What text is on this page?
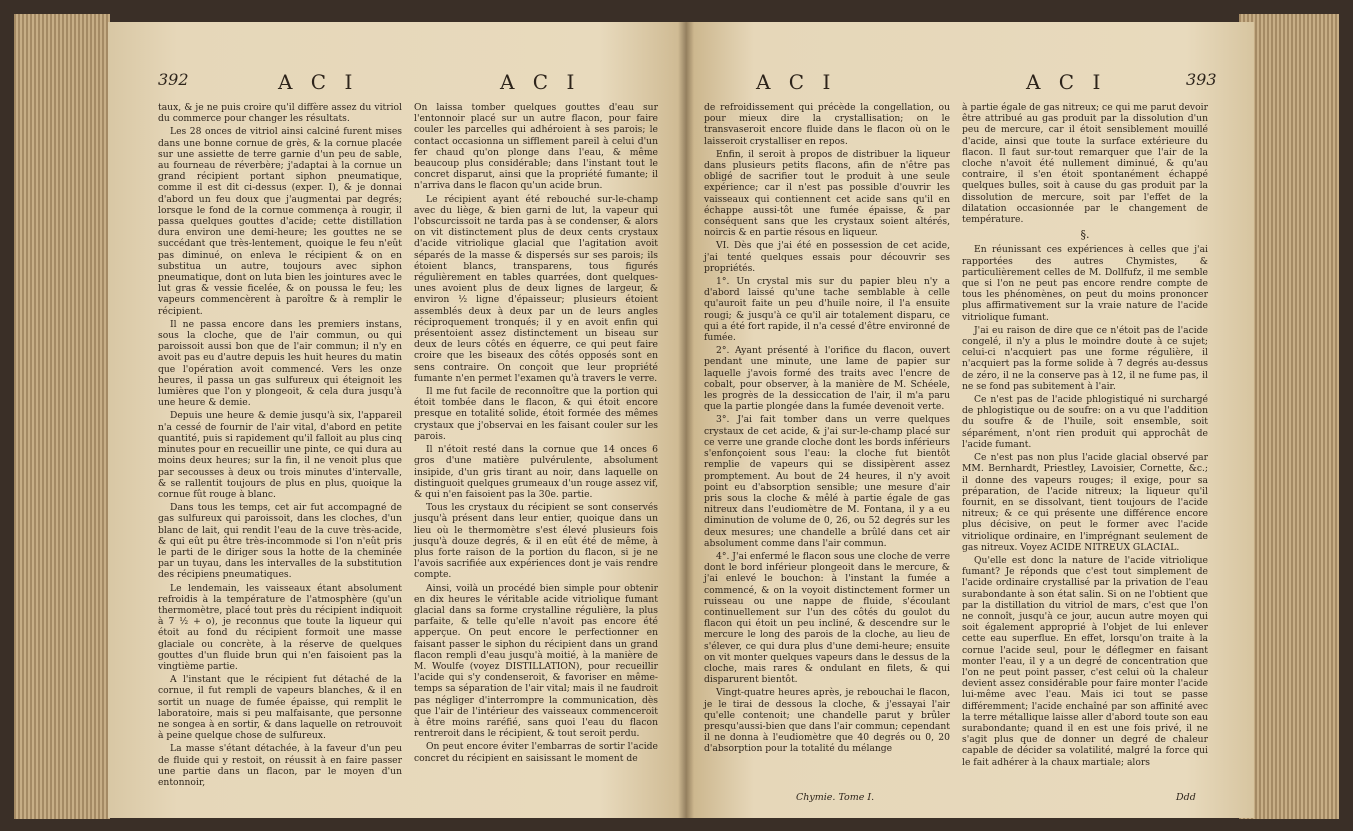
392	A C I	A C I

taux, & je ne puis croire qu'il diffère assez du vitriol du commerce pour changer les résultats.

Les 28 onces de vitriol ainsi calciné furent mises dans une bonne cornue de grès, & la cornue placée sur une assiette de terre garnie d'un peu de sable, au fourneau de réverbère; j'adaptai à la cornue un grand récipient portant siphon pneumatique, comme il est dit ci-dessus (exper. I), & je donnai d'abord un feu doux que j'augmentai par degrés; lorsque le fond de la cornue commença à rougir, il passa quelques gouttes d'acide; cette distillation dura environ une demi-heure; les gouttes ne se succédant que très-lentement, quoique le feu n'eût pas diminué, on enleva le récipient & on en substitua un autre, toujours avec siphon pneumatique, dont on luta bien les jointures avec le lut gras & vessie ficelée, & on poussa le feu; les vapeurs commencèrent à paroître & à remplir le récipient.

Il ne passa encore dans les premiers instans, sous la cloche, que de l'air commun, ou qui paroissoit aussi bon que de l'air commun; il n'y en avoit pas eu d'autre depuis les huit heures du matin que l'opération avoit commencé. Vers les onze heures, il passa un gas sulfureux qui éteignoit les lumières que l'on y plongeoit, & cela dura jusqu'à une heure & demie.

Depuis une heure & demie jusqu'à six, l'appareil n'a cessé de fournir de l'air vital, d'abord en petite quantité, puis si rapidement qu'il falloit au plus cinq minutes pour en recueillir une pinte, ce qui dura au moins deux heures; sur la fin, il ne venoit plus que par secousses à deux ou trois minutes d'intervalle, & se rallentit toujours de plus en plus, quoique la cornue fût rouge à blanc.

Dans tous les temps, cet air fut accompagné de gas sulfureux qui paroissoit, dans les cloches, d'un blanc de lait, qui rendit l'eau de la cuve très-acide, & qui eût pu être très-incommode si l'on n'eût pris le parti de le diriger sous la hotte de la cheminée par un tuyau, dans les intervalles de la substitution des récipiens pneumatiques.

Le lendemain, les vaisseaux étant absolument refroidis à la température de l'atmosphère (qu'un thermomètre, placé tout près du récipient indiquoit à 7 ½ + o), je reconnus que toute la liqueur qui étoit au fond du récipient formoit une masse glaciale ou concrète, à la réserve de quelques gouttes d'un fluide brun qui n'en faisoient pas la vingtième partie.

A l'instant que le récipient fut détaché de la cornue, il fut rempli de vapeurs blanches, & il en sortit un nuage de fumée épaisse, qui remplit le laboratoire, mais si peu malfaisante, que personne ne songea à en sortir, & dans laquelle on retrouvoit à peine quelque chose de sulfureux.

La masse s'étant détachée, à la faveur d'un peu de fluide qui y restoit, on réussit à en faire passer une partie dans un flacon, par le moyen d'un entonnoir,

On laissa tomber quelques gouttes d'eau sur l'entonnoir placé sur un autre flacon, pour faire couler les parcelles qui adhéroient à ses parois; le contact occasionna un sifflement pareil à celui d'un fer chaud qu'on plonge dans l'eau, & même beaucoup plus considérable; dans l'instant tout le concret disparut, ainsi que la propriété fumante; il n'arriva dans le flacon qu'un acide brun.

Le récipient ayant été rebouché sur-le-champ avec du liège, & bien garni de lut, la vapeur qui l'obscurcissoit ne tarda pas à se condenser, & alors on vit distinctement plus de deux cents crystaux d'acide vitriolique glacial que l'agitation avoit séparés de la masse & dispersés sur ses parois; ils étoient blancs, transparens, tous figurés régulièrement en tables quarrées, dont quelques-unes avoient plus de deux lignes de largeur, & environ ½ ligne d'épaisseur; plusieurs étoient assemblés deux à deux par un de leurs angles réciproquement tronqués; il y en avoit enfin qui présentoient assez distinctement un biseau sur deux de leurs côtés en équerre, ce qui peut faire croire que les biseaux des côtés opposés sont en sens contraire. On conçoit que leur propriété fumante n'en permet l'examen qu'à travers le verre.

Il me fut facile de reconnoître que la portion qui étoit tombée dans le flacon, & qui étoit encore presque en totalité solide, étoit formée des mêmes crystaux que j'observai en les faisant couler sur les parois.

Il n'étoit resté dans la cornue que 14 onces 6 gros d'une matière pulvérulente, absolument insipide, d'un gris tirant au noir, dans laquelle on distinguoit quelques grumeaux d'un rouge assez vif, & qui n'en faisoient pas la 30e. partie.

Tous les crystaux du récipient se sont conservés jusqu'à présent dans leur entier, quoique dans un lieu où le thermomètre s'est élevé plusieurs fois jusqu'à douze degrés, & il en eût été de même, à plus forte raison de la portion du flacon, si je ne l'avois sacrifiée aux expériences dont je vais rendre compte.

Ainsi, voilà un procédé bien simple pour obtenir en dix heures le véritable acide vitriolique fumant glacial dans sa forme crystalline régulière, la plus parfaite, & telle qu'elle n'avoit pas encore été apperçue. On peut encore le perfectionner en faisant passer le siphon du récipient dans un grand flacon rempli d'eau jusqu'à moitié, à la manière de M. Woulfe (voyez DISTILLATION), pour recueillir l'acide qui s'y condenseroit, & favoriser en même-temps sa séparation de l'air vital; mais il ne faudroit pas négliger d'interrompre la communication, dès que l'air de l'intérieur des vaisseaux commenceroit à être moins raréfié, sans quoi l'eau du flacon rentreroit dans le récipient, & tout seroit perdu.

On peut encore éviter l'embarras de sortir l'acide concret du récipient en saisissant le moment de

A C I	A C I	393

de refroidissement qui précède la congellation, ou pour mieux dire la crystallisation; on le transvaseroit encore fluide dans le flacon où on le laisseroit crystalliser en repos.

Enfin, il seroit à propos de distribuer la liqueur dans plusieurs petits flacons, afin de n'être pas obligé de sacrifier tout le produit à une seule expérience; car il n'est pas possible d'ouvrir les vaisseaux qui contiennent cet acide sans qu'il en échappe aussi-tôt une fumée épaisse, & par conséquent sans que les crystaux soient altérés, noircis & en partie résous en liqueur.

VI. Dès que j'ai été en possession de cet acide, j'ai tenté quelques essais pour découvrir ses propriétés.

1°. Un crystal mis sur du papier bleu n'y a d'abord laissé qu'une tache semblable à celle qu'auroit faite un peu d'huile noire, il l'a ensuite rougi; & jusqu'à ce qu'il air totalement disparu, ce qui a été fort rapide, il n'a cessé d'être environné de fumée.

2°. Ayant présenté à l'orifice du flacon, ouvert pendant une minute, une lame de papier sur laquelle j'avois formé des traits avec l'encre de cobalt, pour observer, à la manière de M. Schéele, les progrès de la dessiccation de l'air, il m'a paru que la partie plongée dans la fumée devenoit verte.

3°. J'ai fait tomber dans un verre quelques crystaux de cet acide, & j'ai sur-le-champ placé sur ce verre une grande cloche dont les bords inférieurs s'enfonçoient sous l'eau: la cloche fut bientôt remplie de vapeurs qui se dissipèrent assez promptement. Au bout de 24 heures, il n'y avoit point eu d'absorption sensible; une mesure d'air pris sous la cloche & mêlé à partie égale de gas nitreux dans l'eudiomètre de M. Fontana, il y a eu diminution de volume de 0, 26, ou 52 degrés sur les deux mesures; une chandelle a brûlé dans cet air absolument comme dans l'air commun.

4°. J'ai enfermé le flacon sous une cloche de verre dont le bord inférieur plongeoit dans le mercure, & j'ai enlevé le bouchon: à l'instant la fumée a commencé, & on la voyoit distinctement former un ruisseau ou une nappe de fluide, s'écoulant continuellement sur l'un des côtés du goulot du flacon qui étoit un peu incliné, & descendre sur le mercure le long des parois de la cloche, au lieu de s'élever, ce qui dura plus d'une demi-heure; ensuite on vit monter quelques vapeurs dans le dessus de la cloche, mais rares & ondulant en filets, & qui disparurent bientôt.

Vingt-quatre heures après, je rebouchai le flacon, je le tirai de dessous la cloche, & j'essayai l'air qu'elle contenoit; une chandelle parut y brûler presqu'aussi-bien que dans l'air commun; cependant il ne donna à l'eudiomètre que 40 degrés ou 0, 20 d'absorption pour la totalité du mélange

à partie égale de gas nitreux; ce qui me parut devoir être attribué au gas produit par la dissolution d'un peu de mercure, car il étoit sensiblement mouillé d'acide, ainsi que toute la surface extérieure du flacon. Il faut sur-tout remarquer que l'air de la cloche n'avoit été nullement diminué, & qu'au contraire, il s'en étoit spontanément échappé quelques bulles, soit à cause du gas produit par la dissolution de mercure, soit par l'effet de la dilatation occasionnée par le changement de température.

§.

En réunissant ces expériences à celles que j'ai rapportées des autres Chymistes, & particulièrement celles de M. Dollfufz, il me semble que si l'on ne peut pas encore rendre compte de tous les phénomènes, on peut du moins prononcer plus affirmativement sur la vraie nature de l'acide vitriolique fumant.

J'ai eu raison de dire que ce n'étoit pas de l'acide congelé, il n'y a plus le moindre doute à ce sujet; celui-ci n'acquiert pas une forme régulière, il n'acquiert pas la forme solide à 7 degrés au-dessus de zéro, il ne la conserve pas à 12, il ne fume pas, il ne se fond pas subitement à l'air.

Ce n'est pas de l'acide phlogistiqué ni surchargé de phlogistique ou de soufre: on a vu que l'addition du soufre & de l'huile, soit ensemble, soit séparément, n'ont rien produit qui approchât de l'acide fumant.

Ce n'est pas non plus l'acide glacial observé par MM. Bernhardt, Priestley, Lavoisier, Cornette, &c.; il donne des vapeurs rouges; il exige, pour sa préparation, de l'acide nitreux; la liqueur qu'il fournit, en se dissolvant, tient toujours de l'acide nitreux; & ce qui présente une différence encore plus décisive, on peut le former avec l'acide vitriolique ordinaire, en l'imprégnant seulement de gas nitreux. Voyez ACIDE NITREUX GLACIAL.

Qu'elle est donc la nature de l'acide vitriolique fumant? Je réponds que c'est tout simplement de l'acide ordinaire crystallisé par la privation de l'eau surabondante à son état salin. Si on ne l'obtient que par la distillation du vitriol de mars, c'est que l'on ne connoît, jusqu'à ce jour, aucun autre moyen qui soit également approprié à l'objet de lui enlever cette eau superflue. En effet, lorsqu'on traite à la cornue l'acide seul, pour le déflegmer en faisant monter l'eau, il y a un degré de concentration que l'on ne peut point passer, c'est celui où la chaleur devient assez considérable pour faire monter l'acide lui-même avec l'eau. Mais ici tout se passe différemment; l'acide enchaîné par son affinité avec la terre métallique laisse aller d'abord toute son eau surabondante; quand il en est une fois privé, il ne s'agit plus que de donner un degré de chaleur capable de décider sa volatilité, malgré la force qui le fait adhérer à la chaux martiale; alors

Chymie. Tome I.	Ddd
